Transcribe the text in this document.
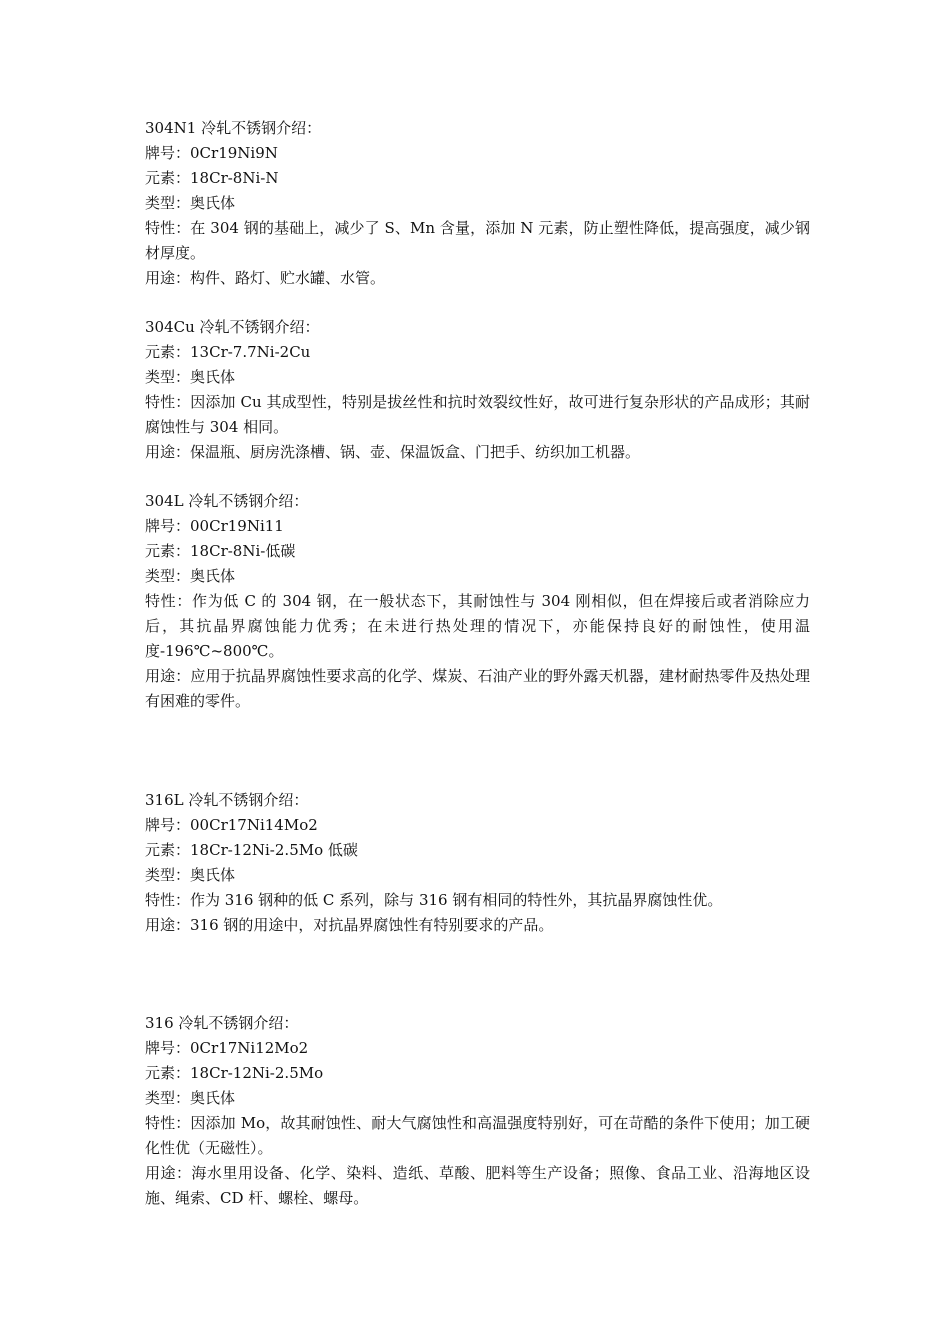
304N1 冷轧不锈钢介绍：
牌号：0Cr19Ni9N
元素：18Cr-8Ni-N
类型：奥氏体
特性：在 304 钢的基础上，减少了 S、Mn 含量，添加 N 元素，防止塑性降低，提高强度，减少钢材厚度。
用途：构件、路灯、贮水罐、水管。
304Cu 冷轧不锈钢介绍：
元素：13Cr-7.7Ni-2Cu
类型：奥氏体
特性：因添加 Cu 其成型性，特别是拔丝性和抗时效裂纹性好，故可进行复杂形状的产品成形；其耐腐蚀性与 304 相同。
用途：保温瓶、厨房洗涤槽、锅、壶、保温饭盒、门把手、纺织加工机器。
304L 冷轧不锈钢介绍：
牌号：00Cr19Ni11
元素：18Cr-8Ni-低碳
类型：奥氏体
特性：作为低 C 的 304 钢，在一般状态下，其耐蚀性与 304 刚相似，但在焊接后或者消除应力后，其抗晶界腐蚀能力优秀；在未进行热处理的情况下，亦能保持良好的耐蚀性，使用温度-196℃~800℃。
用途：应用于抗晶界腐蚀性要求高的化学、煤炭、石油产业的野外露天机器，建材耐热零件及热处理有困难的零件。
316L 冷轧不锈钢介绍：
牌号：00Cr17Ni14Mo2
元素：18Cr-12Ni-2.5Mo 低碳
类型：奥氏体
特性：作为 316 钢种的低 C 系列，除与 316 钢有相同的特性外，其抗晶界腐蚀性优。
用途：316 钢的用途中，对抗晶界腐蚀性有特别要求的产品。
316 冷轧不锈钢介绍：
牌号：0Cr17Ni12Mo2
元素：18Cr-12Ni-2.5Mo
类型：奥氏体
特性：因添加 Mo，故其耐蚀性、耐大气腐蚀性和高温强度特别好，可在苛酷的条件下使用；加工硬化性优（无磁性）。
用途：海水里用设备、化学、染料、造纸、草酸、肥料等生产设备；照像、食品工业、沿海地区设施、绳索、CD 杆、螺栓、螺母。
